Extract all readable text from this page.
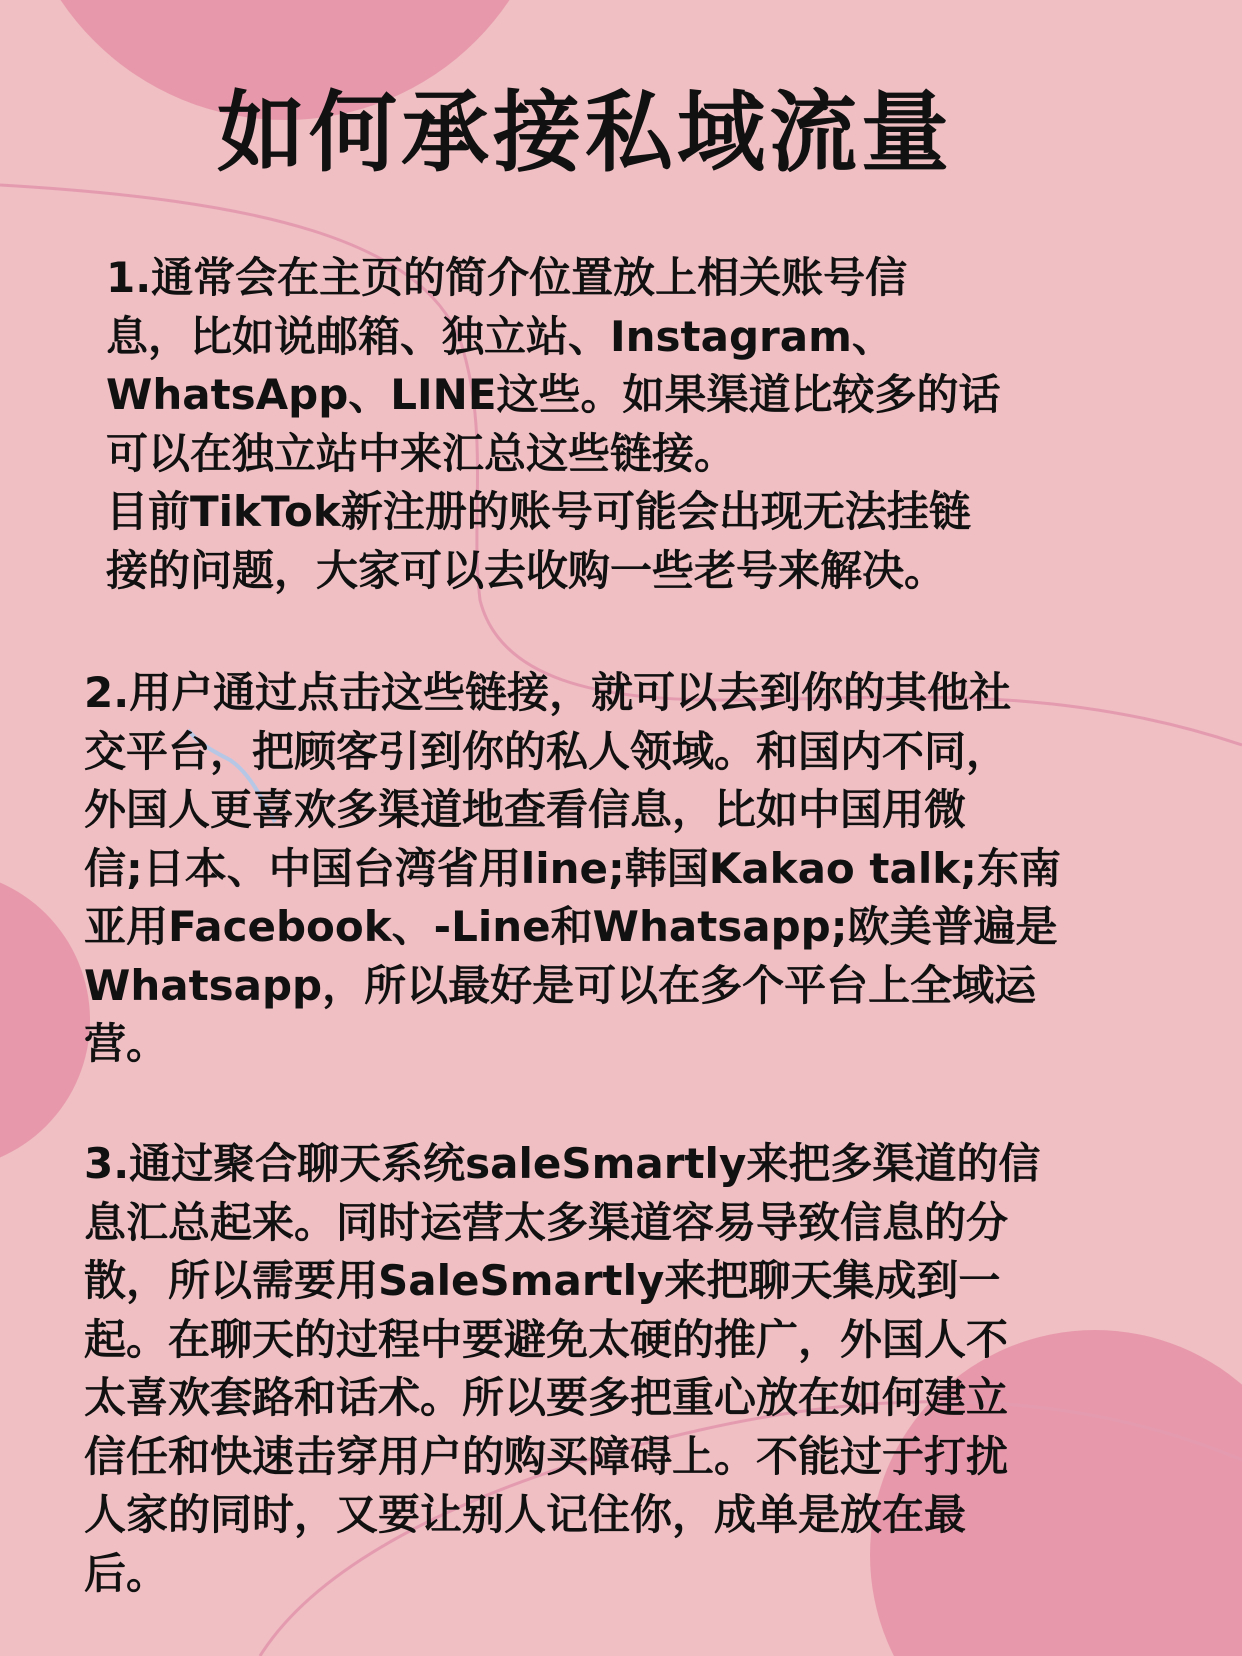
如何承接私域流量

1.通常会在主页的简介位置放上相关账号信
息，比如说邮箱、独立站、Instagram、
WhatsApp、LINE这些。如果渠道比较多的话
可以在独立站中来汇总这些链接。
目前TikTok新注册的账号可能会出现无法挂链
接的问题，大家可以去收购一些老号来解决。

2.用户通过点击这些链接，就可以去到你的其他社
交平台，把顾客引到你的私人领域。和国内不同，
外国人更喜欢多渠道地查看信息，比如中国用微
信;日本、中国台湾省用line;韩国Kakao talk;东南
亚用Facebook、-Line和Whatsapp;欧美普遍是
Whatsapp，所以最好是可以在多个平台上全域运
营。

3.通过聚合聊天系统saleSmartly来把多渠道的信
息汇总起来。同时运营太多渠道容易导致信息的分
散，所以需要用SaleSmartly来把聊天集成到一
起。在聊天的过程中要避免太硬的推广，外国人不
太喜欢套路和话术。所以要多把重心放在如何建立
信任和快速击穿用户的购买障碍上。不能过于打扰
人家的同时，又要让别人记住你，成单是放在最
后。
